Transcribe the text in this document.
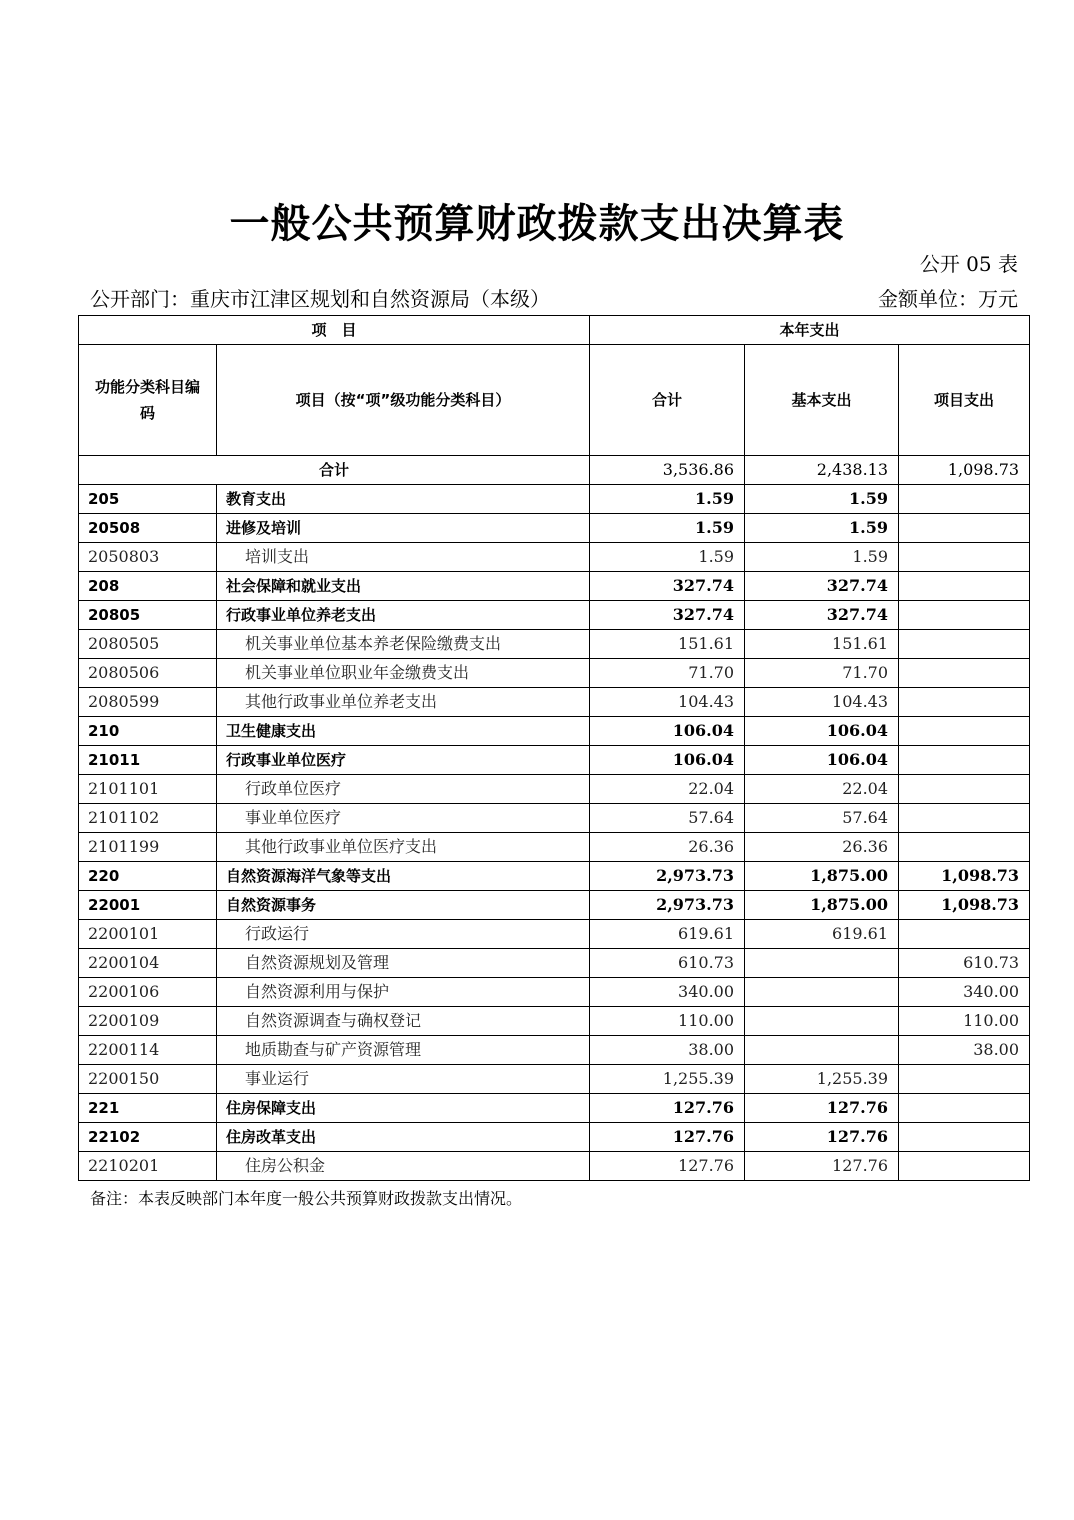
一般公共预算财政拨款支出决算表
公开 05 表
公开部门：重庆市江津区规划和自然资源局（本级）	金额单位：万元
项　目		本年支出		
功能分类科目编码	项目（按“项”级功能分类科目）	合计	基本支出	项目支出
合计		3,536.86	2,438.13	1,098.73
205	教育支出	1.59	1.59	
20508	进修及培训	1.59	1.59	
2050803	培训支出	1.59	1.59	
208	社会保障和就业支出	327.74	327.74	
20805	行政事业单位养老支出	327.74	327.74	
2080505	机关事业单位基本养老保险缴费支出	151.61	151.61	
2080506	机关事业单位职业年金缴费支出	71.70	71.70	
2080599	其他行政事业单位养老支出	104.43	104.43	
210	卫生健康支出	106.04	106.04	
21011	行政事业单位医疗	106.04	106.04	
2101101	行政单位医疗	22.04	22.04	
2101102	事业单位医疗	57.64	57.64	
2101199	其他行政事业单位医疗支出	26.36	26.36	
220	自然资源海洋气象等支出	2,973.73	1,875.00	1,098.73
22001	自然资源事务	2,973.73	1,875.00	1,098.73
2200101	行政运行	619.61	619.61	
2200104	自然资源规划及管理	610.73		610.73
2200106	自然资源利用与保护	340.00		340.00
2200109	自然资源调查与确权登记	110.00		110.00
2200114	地质勘查与矿产资源管理	38.00		38.00
2200150	事业运行	1,255.39	1,255.39	
221	住房保障支出	127.76	127.76	
22102	住房改革支出	127.76	127.76	
2210201	住房公积金	127.76	127.76	
备注：本表反映部门本年度一般公共预算财政拨款支出情况。
